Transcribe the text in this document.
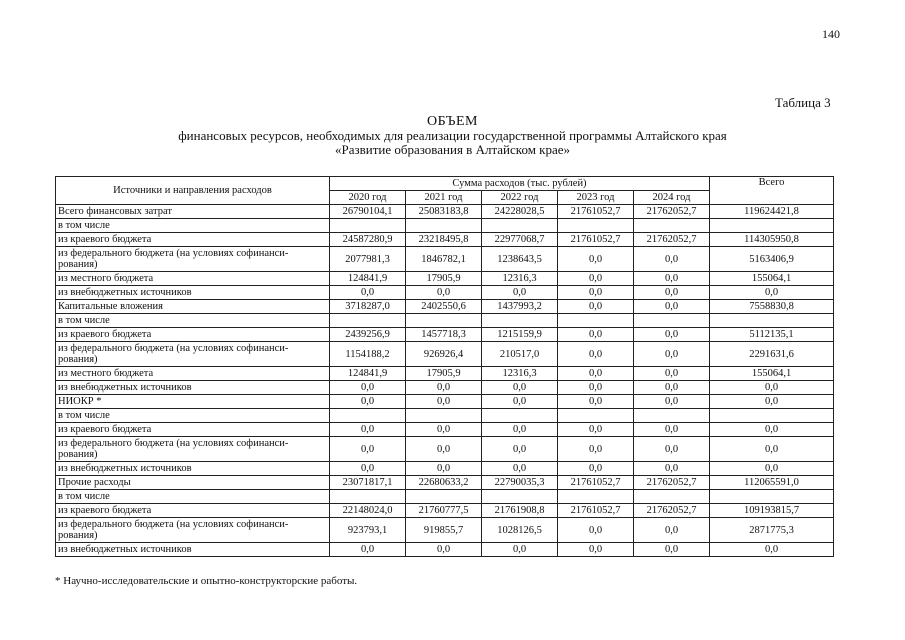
140
Таблица 3
ОБЪЕМ
финансовых ресурсов, необходимых для реализации государственной программы Алтайского края
«Развитие образования в Алтайском крае»
Источники и направления расходов	Сумма расходов (тыс. рублей)					Всего
	2020 год	2021 год	2022 год	2023 год	2024 год	
Всего финансовых затрат	26790104,1	25083183,8	24228028,5	21761052,7	21762052,7	119624421,8
в том числе						
из краевого бюджета	24587280,9	23218495,8	22977068,7	21761052,7	21762052,7	114305950,8
из федерального бюджета (на условиях софинанси-рования)	2077981,3	1846782,1	1238643,5	0,0	0,0	5163406,9
из местного бюджета	124841,9	17905,9	12316,3	0,0	0,0	155064,1
из внебюджетных источников	0,0	0,0	0,0	0,0	0,0	0,0
Капитальные вложения	3718287,0	2402550,6	1437993,2	0,0	0,0	7558830,8
в том числе						
из краевого бюджета	2439256,9	1457718,3	1215159,9	0,0	0,0	5112135,1
из федерального бюджета (на условиях софинанси-рования)	1154188,2	926926,4	210517,0	0,0	0,0	2291631,6
из местного бюджета	124841,9	17905,9	12316,3	0,0	0,0	155064,1
из внебюджетных источников	0,0	0,0	0,0	0,0	0,0	0,0
НИОКР *	0,0	0,0	0,0	0,0	0,0	0,0
в том числе						
из краевого бюджета	0,0	0,0	0,0	0,0	0,0	0,0
из федерального бюджета (на условиях софинанси-рования)	0,0	0,0	0,0	0,0	0,0	0,0
из внебюджетных источников	0,0	0,0	0,0	0,0	0,0	0,0
Прочие расходы	23071817,1	22680633,2	22790035,3	21761052,7	21762052,7	112065591,0
в том числе						
из краевого бюджета	22148024,0	21760777,5	21761908,8	21761052,7	21762052,7	109193815,7
из федерального бюджета (на условиях софинанси-рования)	923793,1	919855,7	1028126,5	0,0	0,0	2871775,3
из внебюджетных источников	0,0	0,0	0,0	0,0	0,0	0,0
* Научно-исследовательские и опытно-конструкторские работы.
